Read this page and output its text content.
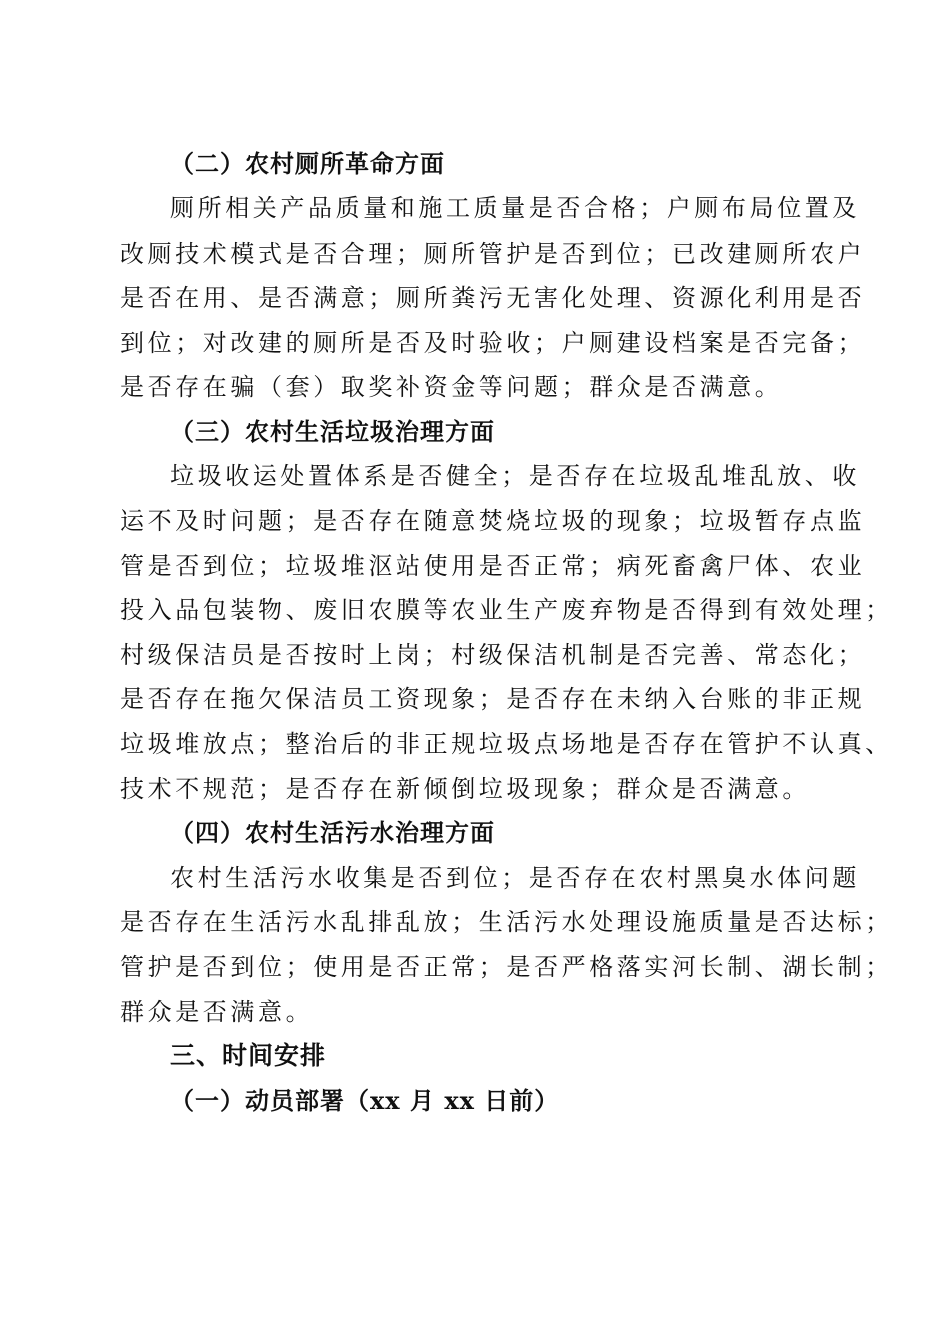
（二）农村厕所革命方面
厕所相关产品质量和施工质量是否合格；户厕布局位置及
改厕技术模式是否合理；厕所管护是否到位；已改建厕所农户
是否在用、是否满意；厕所粪污无害化处理、资源化利用是否
到位；对改建的厕所是否及时验收；户厕建设档案是否完备；
是否存在骗（套）取奖补资金等问题；群众是否满意。
（三）农村生活垃圾治理方面
垃圾收运处置体系是否健全；是否存在垃圾乱堆乱放、收
运不及时问题；是否存在随意焚烧垃圾的现象；垃圾暂存点监
管是否到位；垃圾堆沤站使用是否正常；病死畜禽尸体、农业
投入品包装物、废旧农膜等农业生产废弃物是否得到有效处理；
村级保洁员是否按时上岗；村级保洁机制是否完善、常态化；
是否存在拖欠保洁员工资现象；是否存在未纳入台账的非正规
垃圾堆放点；整治后的非正规垃圾点场地是否存在管护不认真、
技术不规范；是否存在新倾倒垃圾现象；群众是否满意。
（四）农村生活污水治理方面
农村生活污水收集是否到位；是否存在农村黑臭水体问题
是否存在生活污水乱排乱放；生活污水处理设施质量是否达标；
管护是否到位；使用是否正常；是否严格落实河长制、湖长制；
群众是否满意。
三、时间安排
（一）动员部署（xx 月 xx 日前）
